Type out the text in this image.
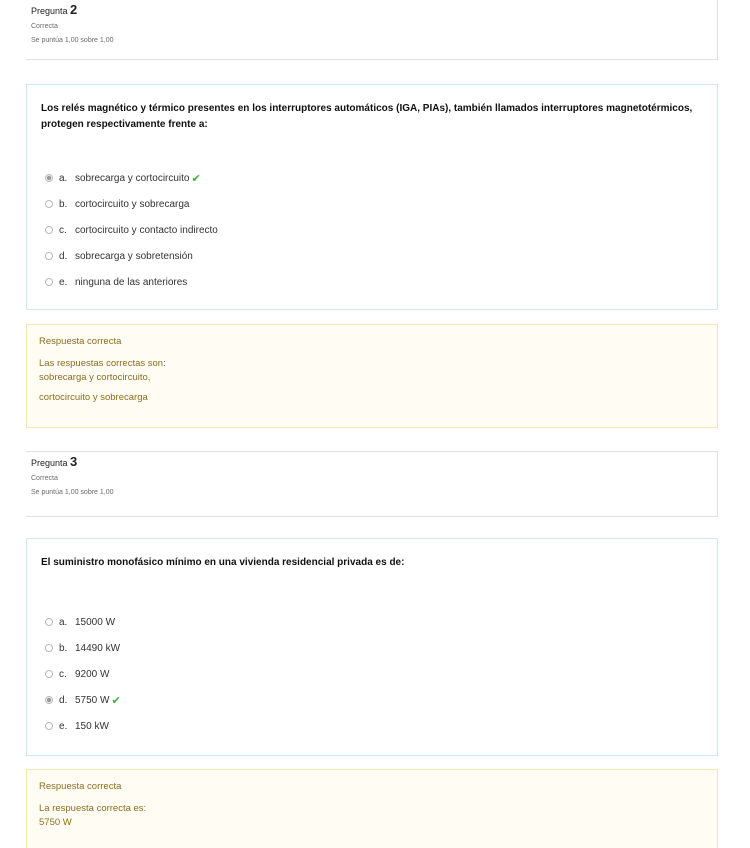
Pregunta 2
Correcta
Se puntúa 1,00 sobre 1,00
Los relés magnético y térmico presentes en los interruptores automáticos (IGA, PIAs), también llamados interruptores magnetotérmicos, protegen respectivamente frente a:
a. sobrecarga y cortocircuito ✔
b. cortocircuito y sobrecarga
c. cortocircuito y contacto indirecto
d. sobrecarga y sobretensión
e. ninguna de las anteriores
Respuesta correcta
Las respuestas correctas son:
sobrecarga y cortocircuito,
cortocircuito y sobrecarga
Pregunta 3
Correcta
Se puntúa 1,00 sobre 1,00
El suministro monofásico mínimo en una vivienda residencial privada es de:
a. 15000 W
b. 14490 kW
c. 9200 W
d. 5750 W ✔
e. 150 kW
Respuesta correcta
La respuesta correcta es:
5750 W
